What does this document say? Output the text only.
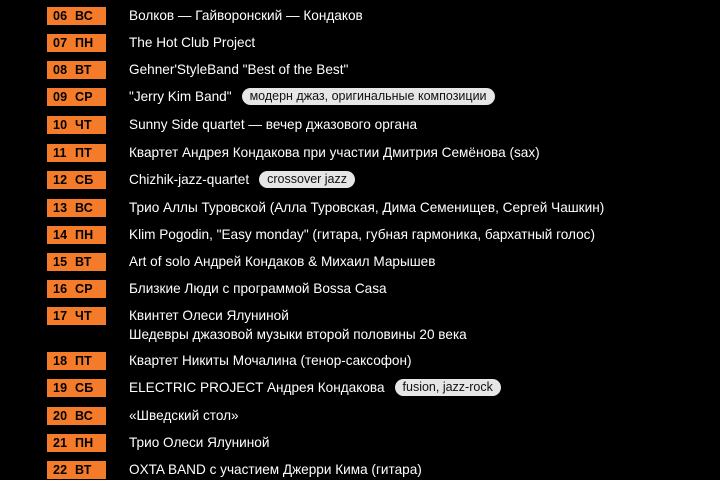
06 ВС	Волков — Гайворонский — Кондаков
07 ПН	The Hot Club Project
08 ВТ	Gehner'StyleBand "Best of the Best"
09 СР	"Jerry Kim Band" модерн джаз, оригинальные композиции
10 ЧТ	Sunny Side quartet — вечер джазового органа
11 ПТ	Квартет Андрея Кондакова при участии Дмитрия Семёнова (sax)
12 СБ	Chizhik-jazz-quartet crossover jazz
13 ВС	Трио Аллы Туровской (Алла Туровская, Дима Семенищев, Сергей Чашкин)
14 ПН	Klim Pogodin, "Easy monday" (гитара, губная гармоника, бархатный голос)
15 ВТ	Art of solo Андрей Кондаков & Михаил Марышев
16 СР	Близкие Люди с программой Bossa Casa
17 ЧТ	Квинтет Олеси Ялуниной
Шедевры джазовой музыки второй половины 20 века
18 ПТ	Квартет Никиты Мочалина (тенор-саксофон)
19 СБ	ELECTRIC PROJECT Андрея Кондакова fusion, jazz-rock
20 ВС	«Шведский стол»
21 ПН	Трио Олеси Ялуниной
22 ВТ	OXTA BAND с участием Джерри Кима (гитара)
